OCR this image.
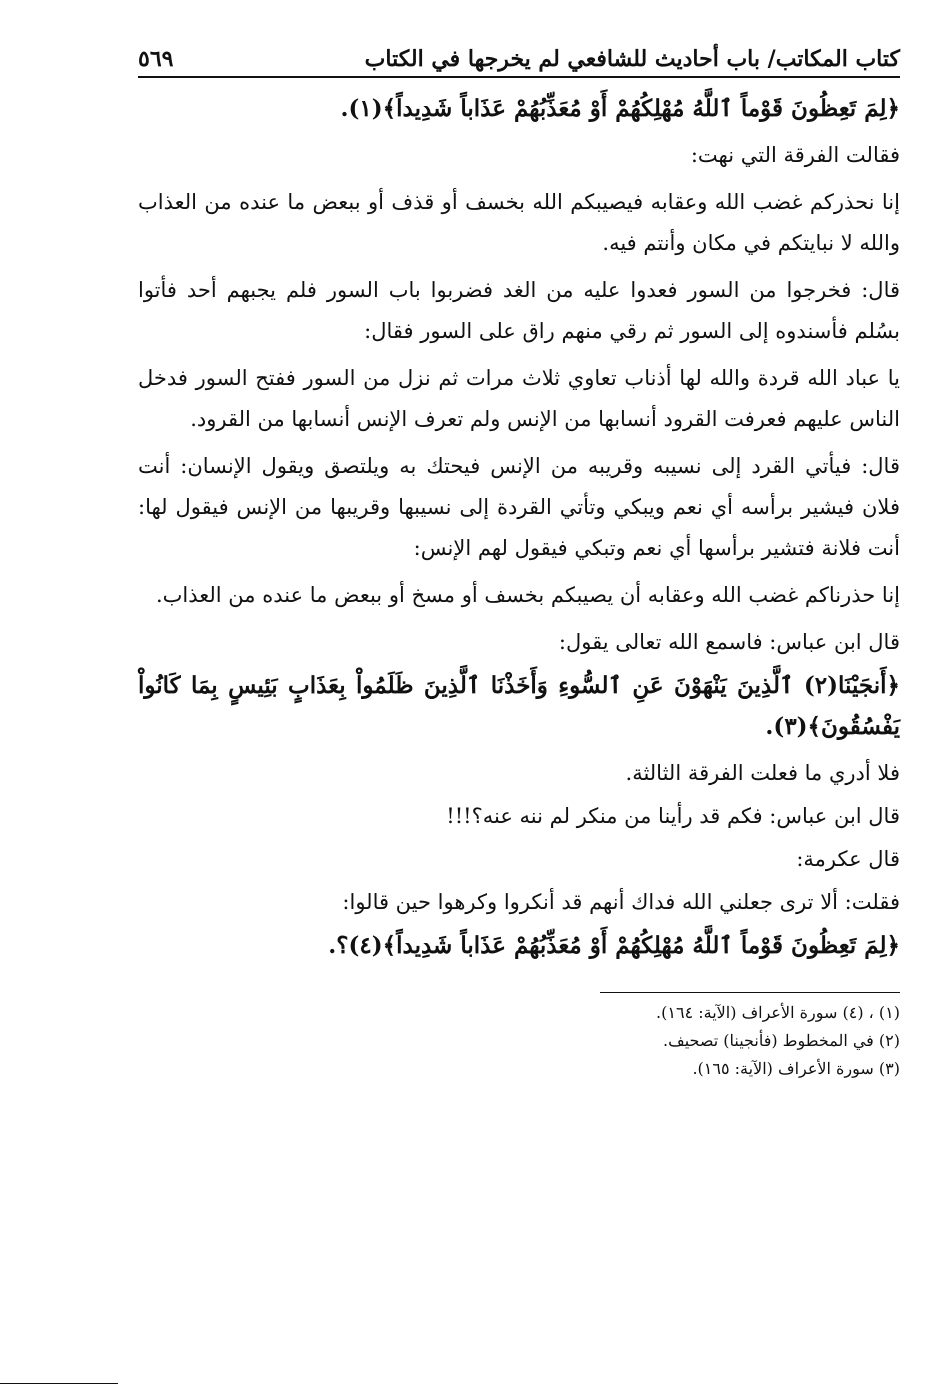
كتاب المكاتب/ باب أحاديث للشافعي لم يخرجها في الكتاب
٥٦٩

﴿لِمَ تَعِظُونَ قَوْماً ٱللَّهُ مُهْلِكُهُمْ أَوْ مُعَذِّبُهُمْ عَذَاباً شَدِيداً﴾(١).

فقالت الفرقة التي نهت:

إنا نحذركم غضب الله وعقابه فيصيبكم الله بخسف أو قذف أو ببعض ما عنده من العذاب والله لا نبايتكم في مكان وأنتم فيه.

قال: فخرجوا من السور فعدوا عليه من الغد فضربوا باب السور فلم يجبهم أحد فأتوا بسُلم فأسندوه إلى السور ثم رقي منهم راق على السور فقال:

يا عباد الله قردة والله لها أذناب تعاوي ثلاث مرات ثم نزل من السور ففتح السور فدخل الناس عليهم فعرفت القرود أنسابها من الإنس ولم تعرف الإنس أنسابها من القرود.

قال: فيأتي القرد إلى نسيبه وقريبه من الإنس فيحتك به ويلتصق ويقول الإنسان: أنت فلان فيشير برأسه أي نعم ويبكي وتأتي القردة إلى نسيبها وقريبها من الإنس فيقول لها: أنت فلانة فتشير برأسها أي نعم وتبكي فيقول لهم الإنس:

إنا حذرناكم غضب الله وعقابه أن يصيبكم بخسف أو مسخ أو ببعض ما عنده من العذاب.

قال ابن عباس: فاسمع الله تعالى يقول:

﴿أَنجَيْنَا(٢) ٱلَّذِينَ يَنْهَوْنَ عَنِ ٱلسُّوءِ وَأَخَذْنَا ٱلَّذِينَ ظَلَمُواْ بِعَذَابٍ بَئِيسٍ بِمَا كَانُواْ يَفْسُقُونَ﴾(٣).

فلا أدري ما فعلت الفرقة الثالثة.

قال ابن عباس: فكم قد رأينا من منكر لم ننه عنه؟!!!

قال عكرمة:

فقلت: ألا ترى جعلني الله فداك أنهم قد أنكروا وكرهوا حين قالوا:

﴿لِمَ تَعِظُونَ قَوْماً ٱللَّهُ مُهْلِكُهُمْ أَوْ مُعَذِّبُهُمْ عَذَاباً شَدِيداً﴾(٤)؟.

(١) ، (٤) سورة الأعراف (الآية: ١٦٤).
(٢) في المخطوط (فأنجينا) تصحيف.
(٣) سورة الأعراف (الآية: ١٦٥).
